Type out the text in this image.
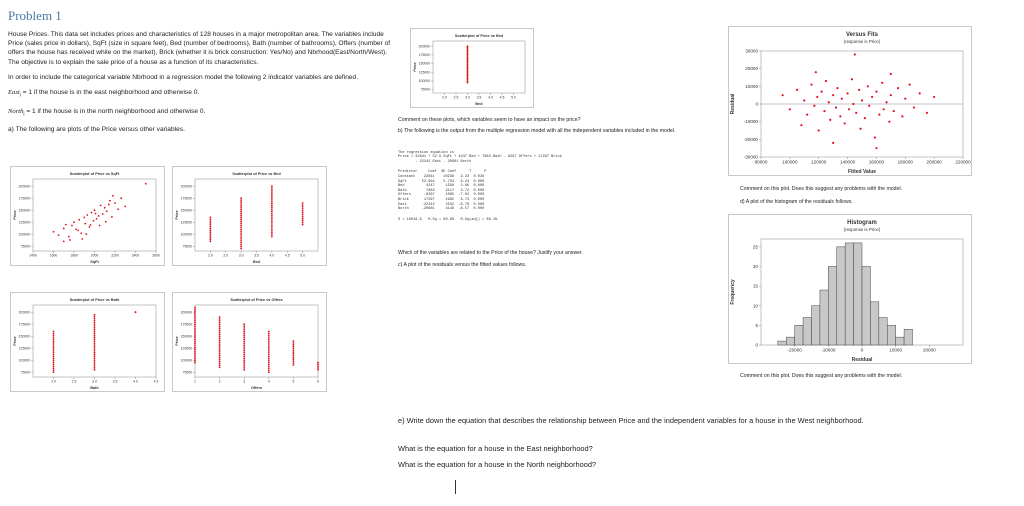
Problem 1

House Prices. This data set includes prices and characteristics of 128 houses in a major metropolitan area. The variables include Price (sales price in dollars), SqFt (size in square feet), Bed (number of bedrooms), Bath (number of bathrooms), Offers (number of offers the house has received while on the market), Brick (whether it is brick construction: Yes/No) and Nbrhood(East/North/West). The objective is to explain the sale price of a house as a function of its characteristics.

In order to include the categorical variable Nbrhood in a regression model the following 2 indicator variables are defined.

East$_i$ = 1 if the house is in the east neighborhood and otherwise 0.

North$_i$ = 1 if the house is in the north neighborhood and otherwise 0.

a) The following are plots of the Price versus other variables.

Scatterplot of Price vs SqFt
1400	1600	1800	2000	2200	2400	2600
200000
175000
150000
125000
100000
75000
SqFt
Price
Scatterplot of Price vs Bed
2.0	2.5	3.0	3.5	4.0	4.5	5.0
200000
175000
150000
125000
100000
75000
Bed
Price
Scatterplot of Price vs Bath
2.0	2.5	3.0	3.5	4.0	4.5
200000
175000
150000
125000
100000
75000
Bath
Price
Scatterplot of Price vs Offers
1	2	3	4	5	6
200000
175000
150000
125000
100000
75000
Offers
Price
Scatterplot of Price vs Bed
2.0 2.5 3.0 3.5 4.0 4.5 5.0
200000
175000
150000
125000
100000
75000
Bed
Price
Comment on these plots, which variables seem to have an impact on the price?
b) The following is the output from the multiple regression model with all the independent variables included in the model.

The regression equation is
Price = 22841 + 52.9 SqFt + 4247 Bed + 7883 Bath - 8267 Offers + 17297 Brick
- 22242 East - 20681 North
Predictor     Coef  SE Coef      T      P
Constant    22841    10236   2.23  0.028
SqFt       52.994    5.734   9.24  0.000
Bed          4247     1598   2.66  0.009
Bath         7883     2117   3.72  0.000
Offers      -8267     1085  -7.62  0.000
Brick       17297     1982   8.73  0.000
East       -22242     2532  -8.78  0.000
North      -20681     3149  -6.57  0.000
S = 10018.9   R-Sq = 86.9%   R-Sq(adj) = 86.1%

Which of the variables are related to the Price of the house? Justify your answer.
c) A plot of the residuals versus the fitted values follows.
Versus Fits
(response is Price)
80000	100000	120000	140000	160000	180000	200000	220000
30000
20000
10000
0
-10000
-20000
-30000
Fitted Value
Residual
Comment on this plot. Does this suggest any problems with the model.
d) A plot of the histogram of the residuals follows.
Histogram
(response is Price)
-20000	-10000	0	10000	20000
25
20
15
10
5
0
Residual
Frequency
Comment on this plot. Does this suggest any problems with the model.
e) Write down the equation that describes the relationship between Price and the independent variables for a house in the West neighborhood.
What is the equation for a house in the East neighborhood?
What is the equation for a house in the North neighborhood?
